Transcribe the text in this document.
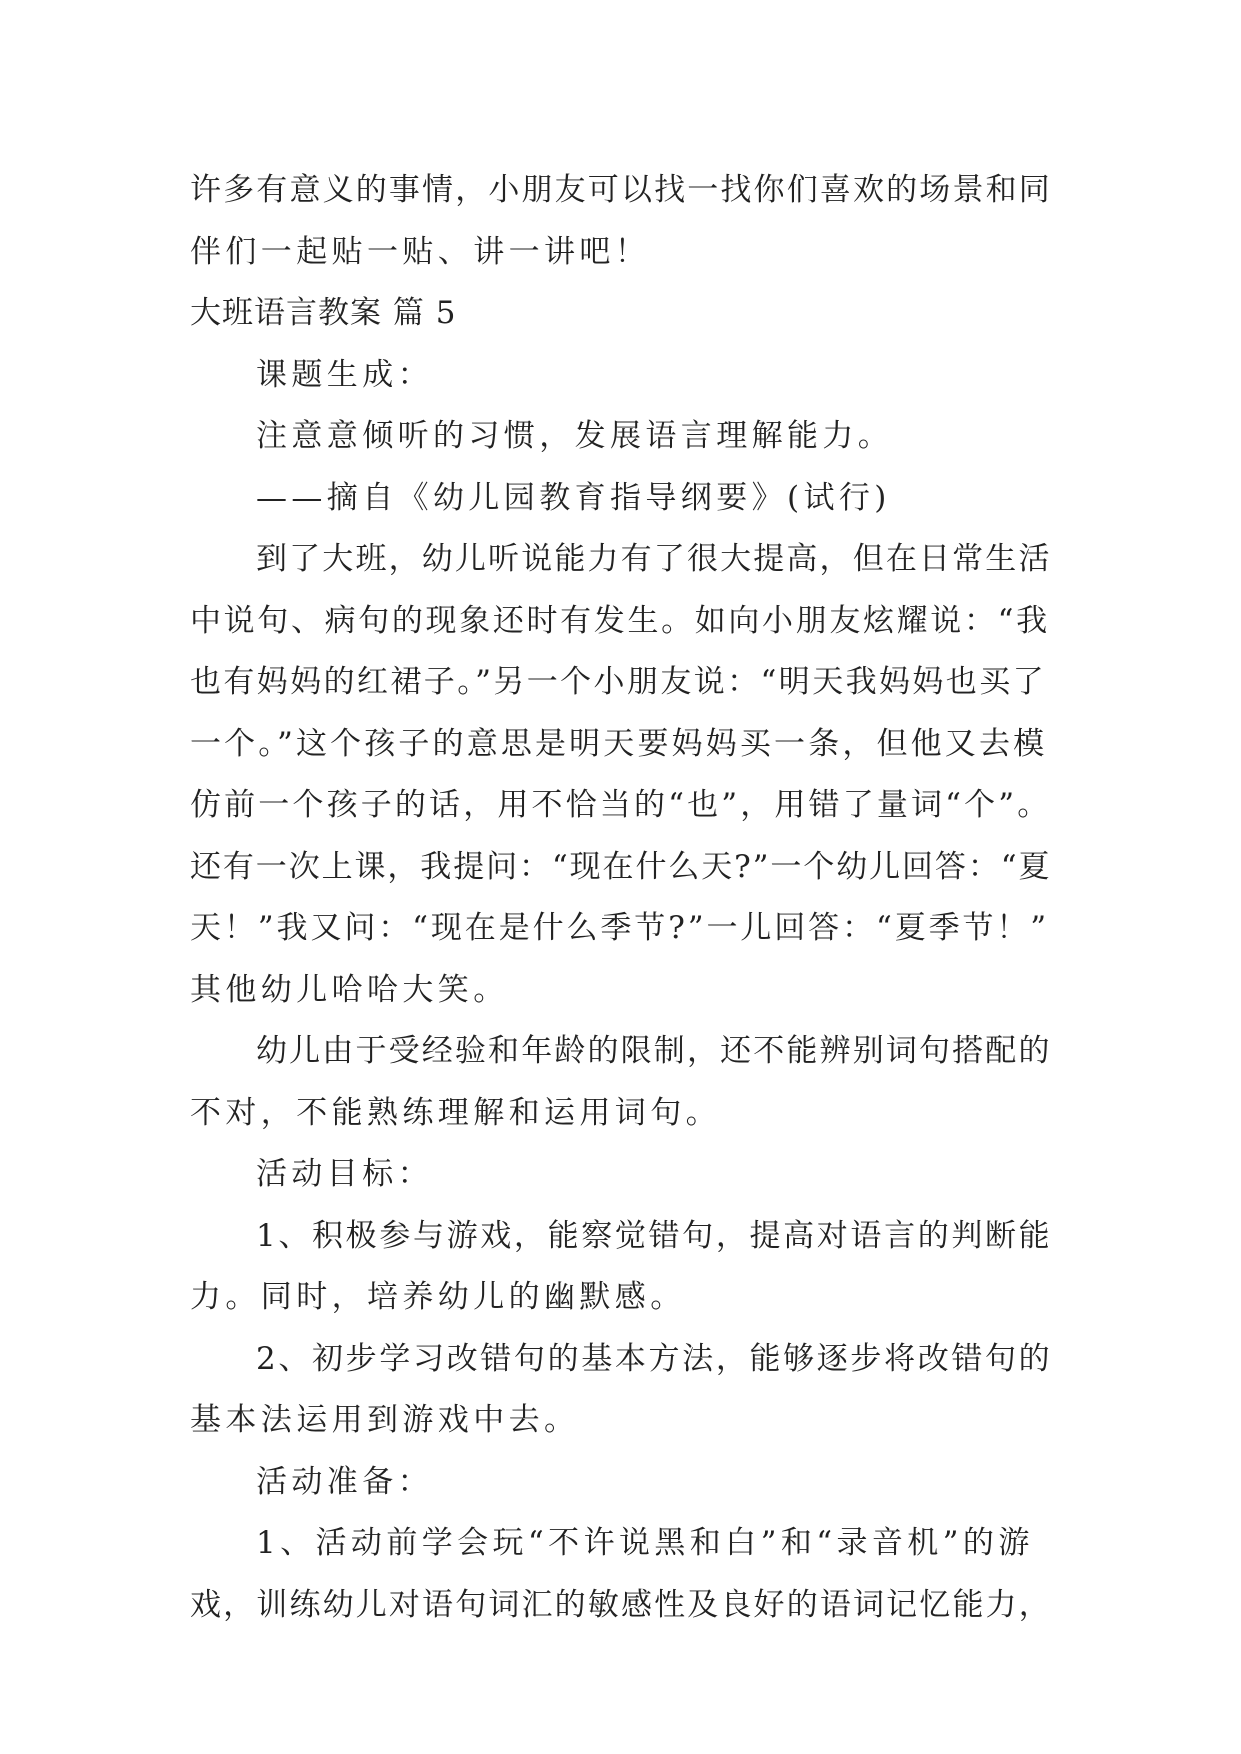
许多有意义的事情，小朋友可以找一找你们喜欢的场景和同
伴们一起贴一贴、讲一讲吧！
大班语言教案 篇 5
课题生成：
注意意倾听的习惯，发展语言理解能力。
——摘自《幼儿园教育指导纲要》(试行)
到了大班，幼儿听说能力有了很大提高，但在日常生活
中说句、病句的现象还时有发生。如向小朋友炫耀说：“我
也有妈妈的红裙子。”另一个小朋友说：“明天我妈妈也买了
一个。”这个孩子的意思是明天要妈妈买一条，但他又去模
仿前一个孩子的话，用不恰当的“也”，用错了量词“个”。
还有一次上课，我提问：“现在什么天?”一个幼儿回答：“夏
天！”我又问：“现在是什么季节?”一儿回答：“夏季节！”
其他幼儿哈哈大笑。
幼儿由于受经验和年龄的限制，还不能辨别词句搭配的
不对，不能熟练理解和运用词句。
活动目标：
1、积极参与游戏，能察觉错句，提高对语言的判断能
力。同时，培养幼儿的幽默感。
2、初步学习改错句的基本方法，能够逐步将改错句的
基本法运用到游戏中去。
活动准备：
1、活动前学会玩“不许说黑和白”和“录音机”的游
戏，训练幼儿对语句词汇的敏感性及良好的语词记忆能力，
